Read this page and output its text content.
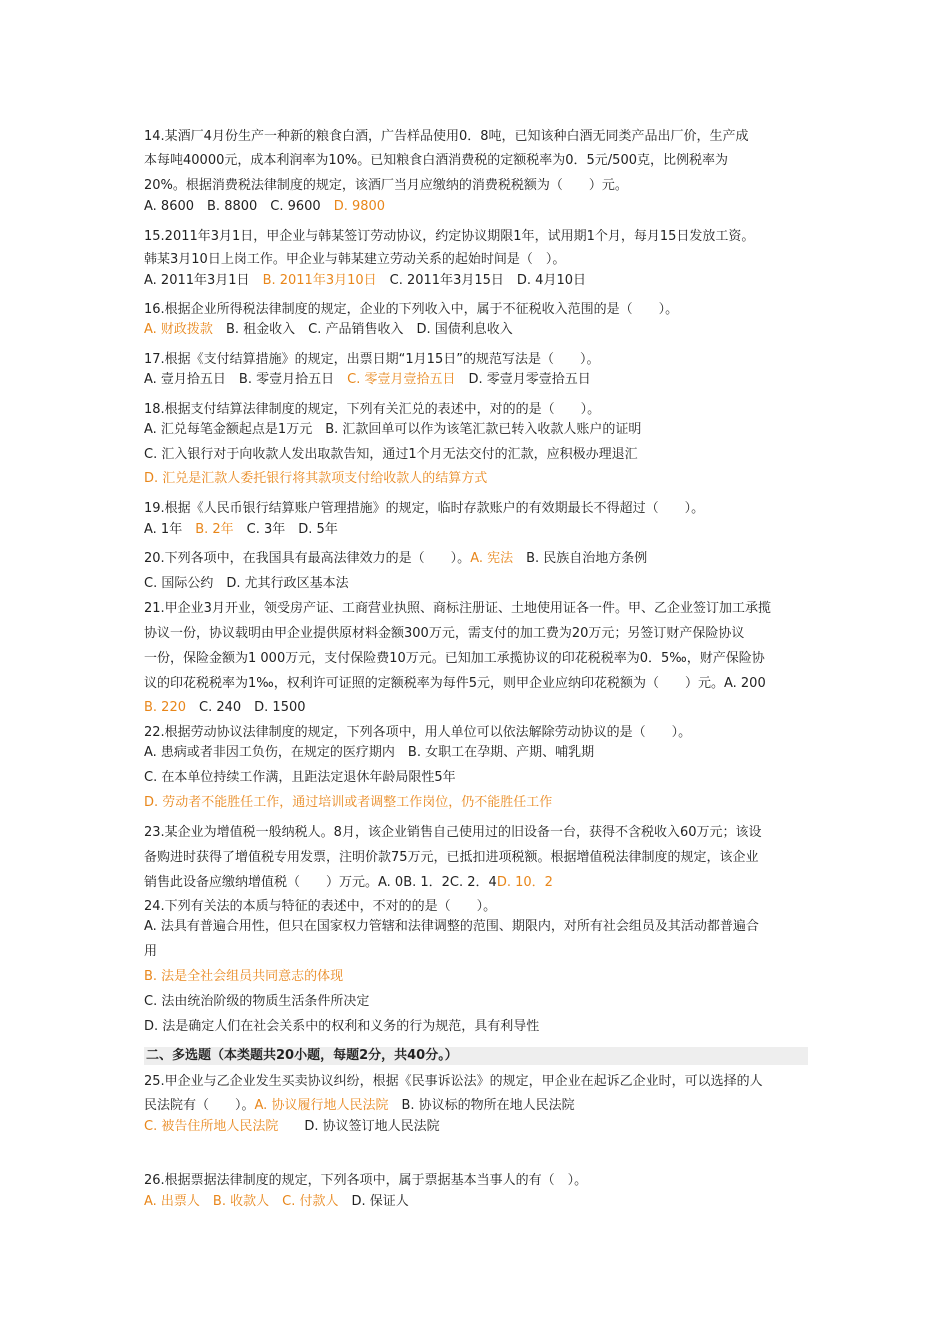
14.某酒厂4月份生产一种新的粮食白酒，广告样品使用0．8吨，已知该种白酒无同类产品出厂价，生产成
本每吨40000元，成本利润率为10%。已知粮食白酒消费税的定额税率为0．5元/500克，比例税率为
20%。根据消费税法律制度的规定，该酒厂当月应缴纳的消费税税额为（　　）元。
A. 8600　B. 8800　C. 9600　D. 9800
15.2011年3月1日，甲企业与韩某签订劳动协议，约定协议期限1年，试用期1个月，每月15日发放工资。
韩某3月10日上岗工作。甲企业与韩某建立劳动关系的起始时间是（　）。
A. 2011年3月1日　B. 2011年3月10日　C. 2011年3月15日　D. 4月10日
16.根据企业所得税法律制度的规定，企业的下列收入中，属于不征税收入范围的是（　　）。
A. 财政拨款　B. 租金收入　C. 产品销售收入　D. 国债利息收入
17.根据《支付结算措施》的规定，出票日期“1月15日”的规范写法是（　　）。
A. 壹月拾五日　B. 零壹月拾五日　C. 零壹月壹拾五日　D. 零壹月零壹拾五日
18.根据支付结算法律制度的规定，下列有关汇兑的表述中，对的的是（　　）。
A. 汇兑每笔金额起点是1万元　B. 汇款回单可以作为该笔汇款已转入收款人账户的证明
C. 汇入银行对于向收款人发出取款告知，通过1个月无法交付的汇款，应积极办理退汇
D. 汇兑是汇款人委托银行将其款项支付给收款人的结算方式
19.根据《人民币银行结算账户管理措施》的规定，临时存款账户的有效期最长不得超过（　　）。
A. 1年　B. 2年　C. 3年　D. 5年
20.下列各项中，在我国具有最高法律效力的是（　　）。A. 宪法　B. 民族自治地方条例
C. 国际公约　D. 尤其行政区基本法
21.甲企业3月开业，领受房产证、工商营业执照、商标注册证、土地使用证各一件。甲、乙企业签订加工承揽
协议一份，协议载明由甲企业提供原材料金额300万元，需支付的加工费为20万元；另签订财产保险协议
一份，保险金额为1 000万元，支付保险费10万元。已知加工承揽协议的印花税税率为0．5‰，财产保险协
议的印花税税率为1‰，权利许可证照的定额税率为每件5元，则甲企业应纳印花税额为（　　）元。A. 200
B. 220　C. 240　D. 1500
22.根据劳动协议法律制度的规定，下列各项中，用人单位可以依法解除劳动协议的是（　　）。
A. 患病或者非因工负伤，在规定的医疗期内　B. 女职工在孕期、产期、哺乳期
C. 在本单位持续工作满，且距法定退休年龄局限性5年
D. 劳动者不能胜任工作，通过培训或者调整工作岗位，仍不能胜任工作
23.某企业为增值税一般纳税人。8月，该企业销售自己使用过的旧设备一台，获得不含税收入60万元；该设
备购进时获得了增值税专用发票，注明价款75万元，已抵扣进项税额。根据增值税法律制度的规定，该企业
销售此设备应缴纳增值税（　　）万元。A. 0B. 1．2C. 2．4D. 10．2
24.下列有关法的本质与特征的表述中，不对的的是（　　）。
A. 法具有普遍合用性，但只在国家权力管辖和法律调整的范围、期限内，对所有社会组员及其活动都普遍合
用
B. 法是全社会组员共同意志的体现
C. 法由统治阶级的物质生活条件所决定
D. 法是确定人们在社会关系中的权利和义务的行为规范，具有利导性
二、多选题（本类题共20小题，每题2分，共40分。）
25.甲企业与乙企业发生买卖协议纠纷，根据《民事诉讼法》的规定，甲企业在起诉乙企业时，可以选择的人
民法院有（　　）。A. 协议履行地人民法院　B. 协议标的物所在地人民法院
C. 被告住所地人民法院　　D. 协议签订地人民法院
26.根据票据法律制度的规定，下列各项中，属于票据基本当事人的有（　）。
A. 出票人　B. 收款人　C. 付款人　D. 保证人
